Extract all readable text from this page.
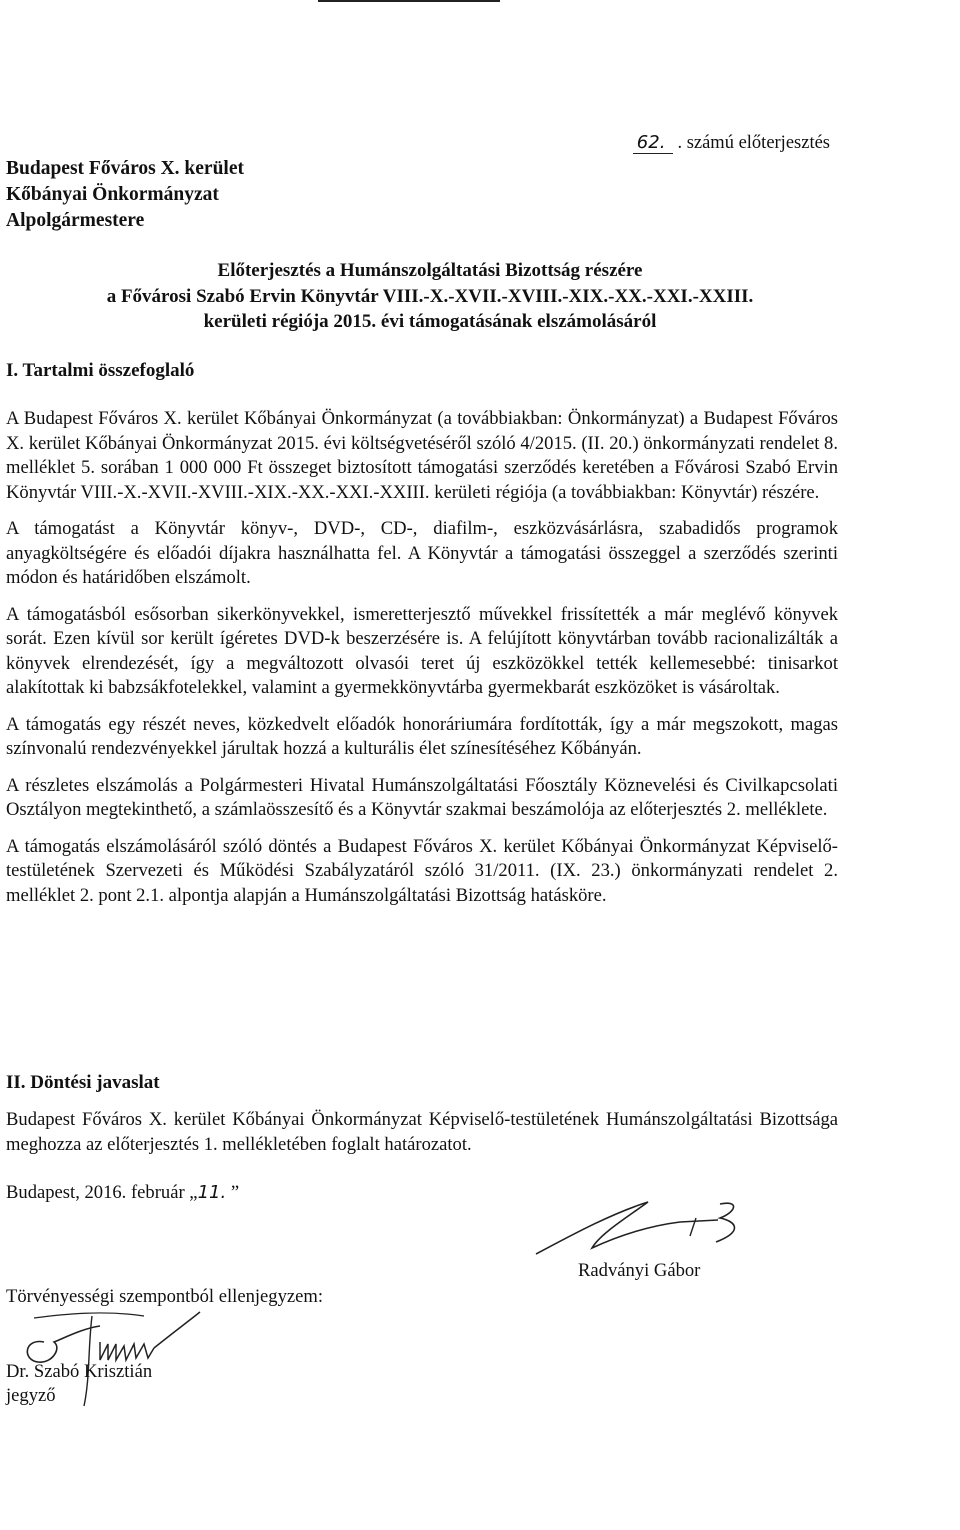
Budapest Főváros X. kerület
Kőbányai Önkormányzat
Alpolgármestere
62. . számú előterjesztés
Előterjesztés a Humánszolgáltatási Bizottság részére
a Fővárosi Szabó Ervin Könyvtár VIII.-X.-XVII.-XVIII.-XIX.-XX.-XXI.-XXIII.
kerületi régiója 2015. évi támogatásának elszámolásáról
I. Tartalmi összefoglaló

A Budapest Főváros X. kerület Kőbányai Önkormányzat (a továbbiakban: Önkormányzat) a Budapest Főváros X. kerület Kőbányai Önkormányzat 2015. évi költségvetéséről szóló 4/2015. (II. 20.) önkormányzati rendelet 8. melléklet 5. sorában 1 000 000 Ft összeget biztosított támogatási szerződés keretében a Fővárosi Szabó Ervin Könyvtár VIII.-X.-XVII.-XVIII.-XIX.-XX.-XXI.-XXIII. kerületi régiója (a továbbiakban: Könyvtár) részére.

A támogatást a Könyvtár könyv-, DVD-, CD-, diafilm-, eszközvásárlásra, szabadidős programok anyagköltségére és előadói díjakra használhatta fel. A Könyvtár a támogatási összeggel a szerződés szerinti módon és határidőben elszámolt.

A támogatásból esősorban sikerkönyvekkel, ismeretterjesztő művekkel frissítették a már meglévő könyvek sorát. Ezen kívül sor került ígéretes DVD-k beszerzésére is. A felújított könyvtárban tovább racionalizálták a könyvek elrendezését, így a megváltozott olvasói teret új eszközökkel tették kellemesebbé: tinisarkot alakítottak ki babzsákfotelekkel, valamint a gyermekkönyvtárba gyermekbarát eszközöket is vásároltak.

A támogatás egy részét neves, közkedvelt előadók honoráriumára fordították, így a már megszokott, magas színvonalú rendezvényekkel járultak hozzá a kulturális élet színesítéséhez Kőbányán.

A részletes elszámolás a Polgármesteri Hivatal Humánszolgáltatási Főosztály Köznevelési és Civilkapcsolati Osztályon megtekinthető, a számlaösszesítő és a Könyvtár szakmai beszámolója az előterjesztés 2. melléklete.

A támogatás elszámolásáról szóló döntés a Budapest Főváros X. kerület Kőbányai Önkormányzat Képviselő-testületének Szervezeti és Működési Szabályzatáról szóló 31/2011. (IX. 23.) önkormányzati rendelet 2. melléklet 2. pont 2.1. alpontja alapján a Humánszolgáltatási Bizottság hatásköre.

II. Döntési javaslat
Budapest Főváros X. kerület Kőbányai Önkormányzat Képviselő-testületének Humánszolgáltatási Bizottsága meghozza az előterjesztés 1. mellékletében foglalt határozatot.
Budapest, 2016. február „11. ”
Radványi Gábor
Törvényességi szempontból ellenjegyzem:
Dr. Szabó Krisztián
jegyző
